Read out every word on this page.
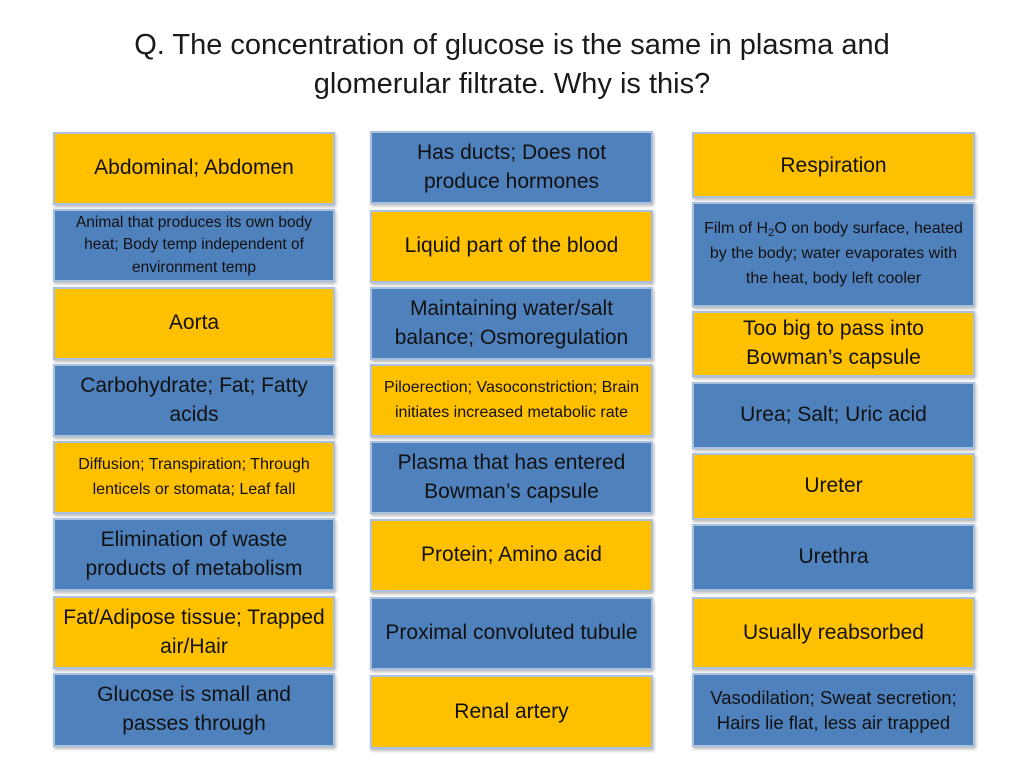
Q. The concentration of glucose is the same in plasma and
glomerular filtrate. Why is this?
Abdominal; Abdomen
Animal that produces its own body heat; Body temp independent of environment temp
Aorta
Carbohydrate; Fat; Fatty acids
Diffusion; Transpiration; Through lenticels or stomata; Leaf fall
Elimination of waste products of metabolism
Fat/Adipose tissue; Trapped air/Hair
Glucose is small and passes through
Has ducts; Does not produce hormones
Liquid part of the blood
Maintaining water/salt balance; Osmoregulation
Piloerection; Vasoconstriction; Brain initiates increased metabolic rate
Plasma that has entered Bowman’s capsule
Protein; Amino acid
Proximal convoluted tubule
Renal artery
Respiration
Film of $H_2O$ on body surface, heated by the body; water evaporates with the heat, body left cooler
Too big to pass into Bowman’s capsule
Urea; Salt; Uric acid
Ureter
Urethra
Usually reabsorbed
Vasodilation; Sweat secretion; Hairs lie flat, less air trapped
